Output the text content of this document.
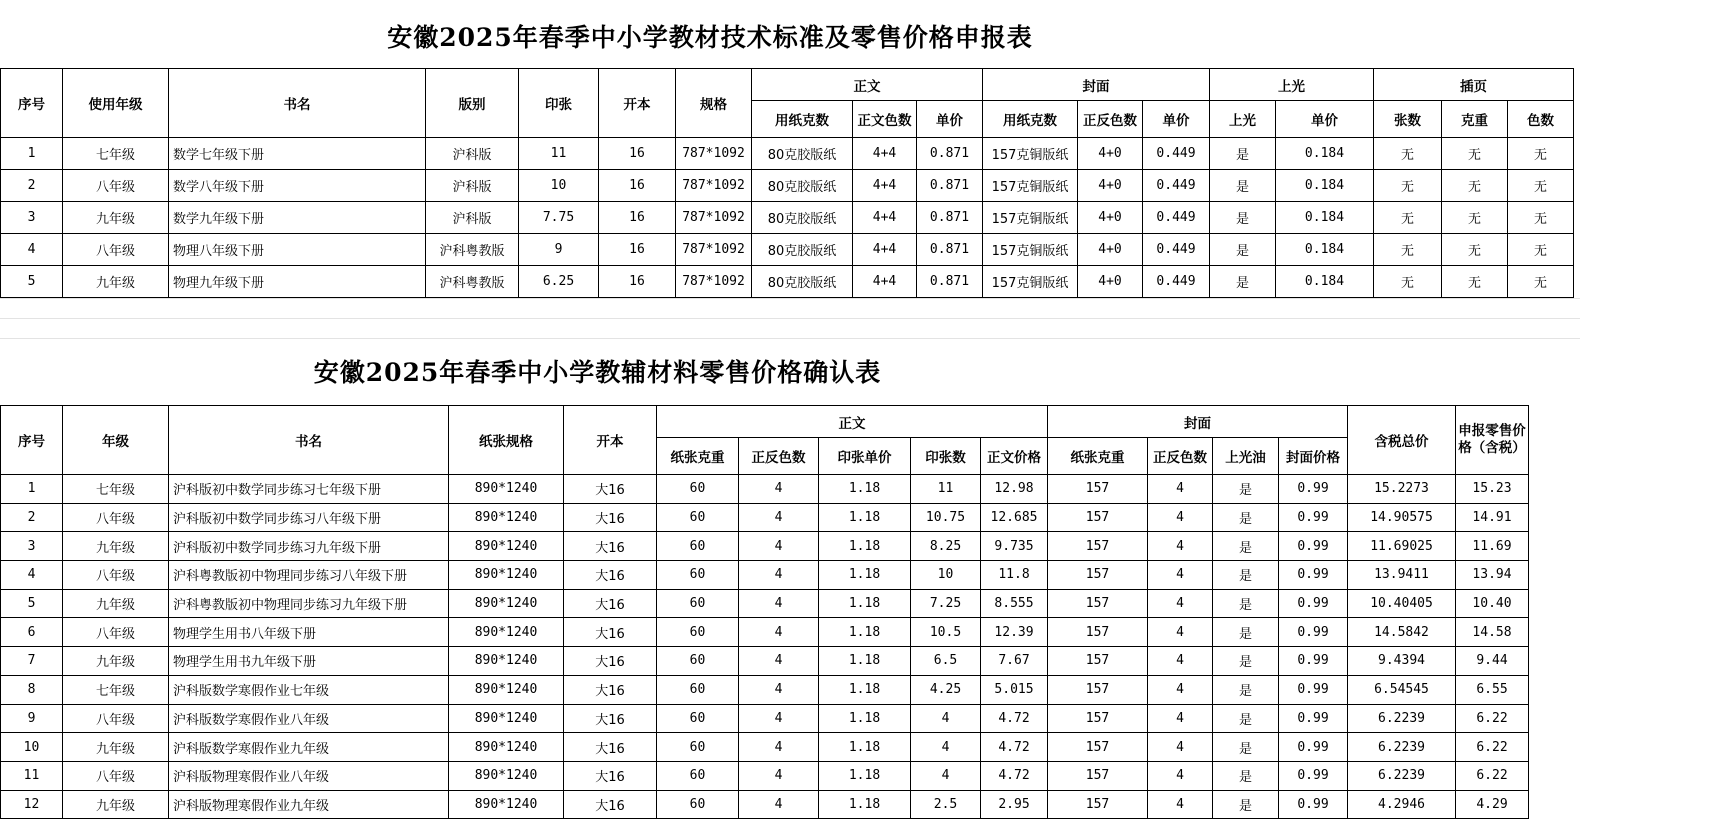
安徽2025年春季中小学教材技术标准及零售价格申报表
序号	使用年级	书名	版别	印张	开本	规格	正文			封面			上光		插页		
							用纸克数	正文色数	单价	用纸克数	正反色数	单价	上光	单价	张数	克重	色数
1	七年级	数学七年级下册	沪科版	11	16	787*1092	80克胶版纸	4+4	0.871	157克铜版纸	4+0	0.449	是	0.184	无	无	无
2	八年级	数学八年级下册	沪科版	10	16	787*1092	80克胶版纸	4+4	0.871	157克铜版纸	4+0	0.449	是	0.184	无	无	无
3	九年级	数学九年级下册	沪科版	7.75	16	787*1092	80克胶版纸	4+4	0.871	157克铜版纸	4+0	0.449	是	0.184	无	无	无
4	八年级	物理八年级下册	沪科粤教版	9	16	787*1092	80克胶版纸	4+4	0.871	157克铜版纸	4+0	0.449	是	0.184	无	无	无
5	九年级	物理九年级下册	沪科粤教版	6.25	16	787*1092	80克胶版纸	4+4	0.871	157克铜版纸	4+0	0.449	是	0.184	无	无	无
安徽2025年春季中小学教辅材料零售价格确认表
序号	年级	书名	纸张规格	开本	正文					封面				含税总价	申报零售价格（含税）
					纸张克重	正反色数	印张单价	印张数	正文价格	纸张克重	正反色数	上光油	封面价格		
1	七年级	沪科版初中数学同步练习七年级下册	890*1240	大16	60	4	1.18	11	12.98	157	4	是	0.99	15.2273	15.23
2	八年级	沪科版初中数学同步练习八年级下册	890*1240	大16	60	4	1.18	10.75	12.685	157	4	是	0.99	14.90575	14.91
3	九年级	沪科版初中数学同步练习九年级下册	890*1240	大16	60	4	1.18	8.25	9.735	157	4	是	0.99	11.69025	11.69
4	八年级	沪科粤教版初中物理同步练习八年级下册	890*1240	大16	60	4	1.18	10	11.8	157	4	是	0.99	13.9411	13.94
5	九年级	沪科粤教版初中物理同步练习九年级下册	890*1240	大16	60	4	1.18	7.25	8.555	157	4	是	0.99	10.40405	10.40
6	八年级	物理学生用书八年级下册	890*1240	大16	60	4	1.18	10.5	12.39	157	4	是	0.99	14.5842	14.58
7	九年级	物理学生用书九年级下册	890*1240	大16	60	4	1.18	6.5	7.67	157	4	是	0.99	9.4394	9.44
8	七年级	沪科版数学寒假作业七年级	890*1240	大16	60	4	1.18	4.25	5.015	157	4	是	0.99	6.54545	6.55
9	八年级	沪科版数学寒假作业八年级	890*1240	大16	60	4	1.18	4	4.72	157	4	是	0.99	6.2239	6.22
10	九年级	沪科版数学寒假作业九年级	890*1240	大16	60	4	1.18	4	4.72	157	4	是	0.99	6.2239	6.22
11	八年级	沪科版物理寒假作业八年级	890*1240	大16	60	4	1.18	4	4.72	157	4	是	0.99	6.2239	6.22
12	九年级	沪科版物理寒假作业九年级	890*1240	大16	60	4	1.18	2.5	2.95	157	4	是	0.99	4.2946	4.29
